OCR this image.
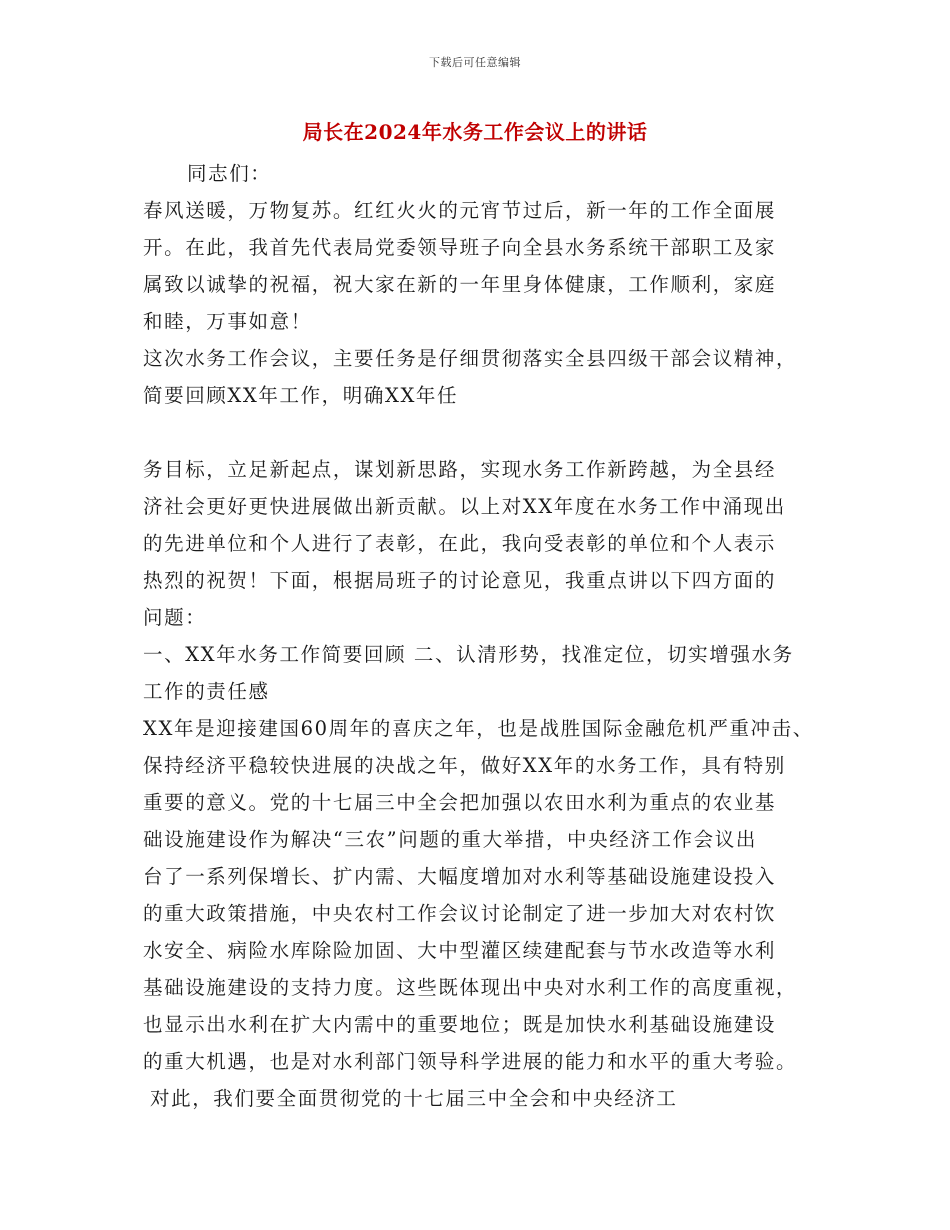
下载后可任意编辑
局长在2024年水务工作会议上的讲话
同志们：
春风送暖，万物复苏。红红火火的元宵节过后，新一年的工作全面展
开。在此，我首先代表局党委领导班子向全县水务系统干部职工及家
属致以诚挚的祝福，祝大家在新的一年里身体健康，工作顺利，家庭
和睦，万事如意！
这次水务工作会议，主要任务是仔细贯彻落实全县四级干部会议精神，
简要回顾XX年工作，明确XX年任
务目标，立足新起点，谋划新思路，实现水务工作新跨越，为全县经
济社会更好更快进展做出新贡献。以上对XX年度在水务工作中涌现出
的先进单位和个人进行了表彰，在此，我向受表彰的单位和个人表示
热烈的祝贺！下面，根据局班子的讨论意见，我重点讲以下四方面的
问题：
一、XX年水务工作简要回顾 二、认清形势，找准定位，切实增强水务
工作的责任感
XX年是迎接建国60周年的喜庆之年，也是战胜国际金融危机严重冲击、
保持经济平稳较快进展的决战之年，做好XX年的水务工作，具有特别
重要的意义。党的十七届三中全会把加强以农田水利为重点的农业基
础设施建设作为解决“三农”问题的重大举措，中央经济工作会议出
台了一系列保增长、扩内需、大幅度增加对水利等基础设施建设投入
的重大政策措施，中央农村工作会议讨论制定了进一步加大对农村饮
水安全、病险水库除险加固、大中型灌区续建配套与节水改造等水利
基础设施建设的支持力度。这些既体现出中央对水利工作的高度重视，
也显示出水利在扩大内需中的重要地位；既是加快水利基础设施建设
的重大机遇，也是对水利部门领导科学进展的能力和水平的重大考验。
对此，我们要全面贯彻党的十七届三中全会和中央经济工
